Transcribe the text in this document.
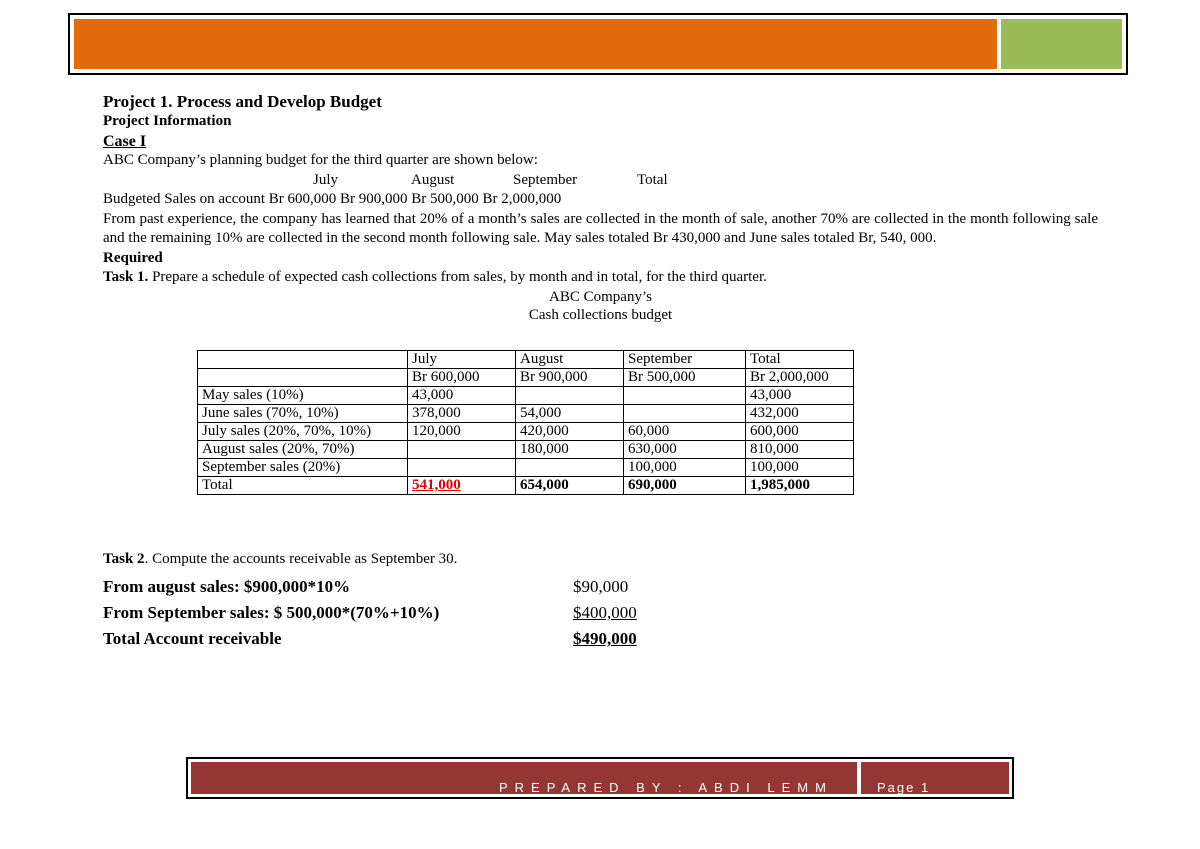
Project 1. Process and Develop Budget

Project Information

Case I

ABC Company’s planning budget for the third quarter are shown below:

July	August	September	Total

Budgeted Sales on account Br 600,000 Br 900,000 Br 500,000 Br 2,000,000

From past experience, the company has learned that 20% of a month’s sales are collected in the month of sale, another 70% are collected in the month following sale and the remaining 10% are collected in the second month following sale. May sales totaled Br 430,000 and June sales totaled Br, 540, 000.

Required

Task 1. Prepare a schedule of expected cash collections from sales, by month and in total, for the third quarter.

ABC Company’s

Cash collections budget

	July	August	September	Total
	Br 600,000	Br 900,000	Br 500,000	Br 2,000,000
May sales (10%)	43,000			43,000
June sales (70%, 10%)	378,000	54,000		432,000
July sales (20%, 70%, 10%)	120,000	420,000	60,000	600,000
August sales (20%, 70%)		180,000	630,000	810,000
September sales (20%)			100,000	100,000
Total	541,000	654,000	690,000	1,985,000

Task 2. Compute the accounts receivable as September 30.

From august sales: $900,000*10%	$90,000
From September sales: $ 500,000*(70%+10%)	$400,000
Total Account receivable	$490,000
PREPARED BY : ABDI LEMM	Page 1
